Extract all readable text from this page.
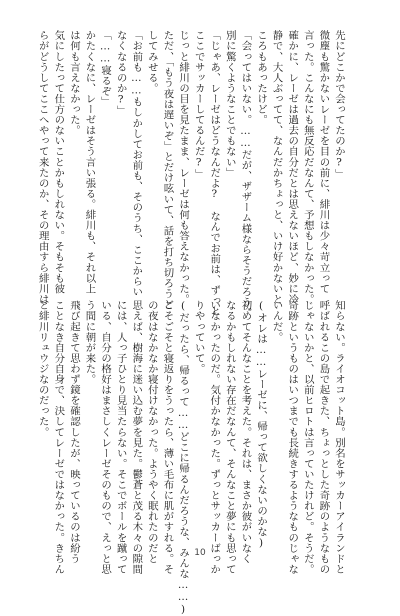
先にどこかで会ってたのか?」
微塵も驚かないレーゼを目の前に、緋川は少々苛立って
言った。こんなにも無反応だなんて、予想もしなかった。
確かに、レーゼは過去の自分だとは思えないほど、妙に冷
静で、大人ぶってて、なんだかちょっと、いけ好かないと
ころもあったけど。
「会ってはいない。……だが、ザザーム様ならそうだろう。
別に驚くようなことでもない」
「じゃあ、レーゼはどうなんだよ?　なんでお前は、ずっと
ここでサッカーしてるんだ?」
じっと緋川の目を見たまま、レーゼは何も答えなかった。
ただ、「もう夜は遅いぞ」とだけ呟いて、話を打ち切ろうと
してみせる。
「お前も……もしかしてお前も、そのうち、ここからい
なくなるのか?」
「……寝るぞ」
かたくなに、レーゼはそう言い張る。緋川も、それ以上
は何も言えなかった。
気にしたって仕方のないことかもしれない。そもそも彼
らがどうしてここへやって来たのか、その理由すら緋川は
知らない。ライオコット島。別名をサッカーアイランドと
呼ばれるこの島で起きた、ちょっとした奇跡のようなもの
じゃないかと、以前ヒロトは言っていたけれど。そうだ。
奇跡というものはいつまでも長続きするようなものじゃな
いんだ。
(オレは……レーゼに、帰って欲しくないのかな)
初めてそんなことを考えた。それは、まさか彼がいなく
なるかもしれない存在だなんて、そんなこと夢にも思って
いなかったのだ。気付かなかった。ずっとサッカーばっか
りやっていて。
(だったら、帰るって……どこに帰るんだろうな、みんな……)
ごそごそと寝返りをうったら、薄い毛布に肌がすれる。そ
の夜はなかなか寝付けなかった。ようやく眠れたのだと
思えば、樹海に迷い込む夢を見た。鬱蒼と茂る木々の隙間
には、人っ子ひとり見当たらない。そこでボールを蹴って
いる、自分の格好はまさしくレーゼそのもので、えっと思
う間に朝が来た。
飛び起きて思わず鏡を確認したが、映っているのは紛う
ことなき自分自身で、決してレーゼではなかった。きちん
と緋川リュウジなのだった。
10
